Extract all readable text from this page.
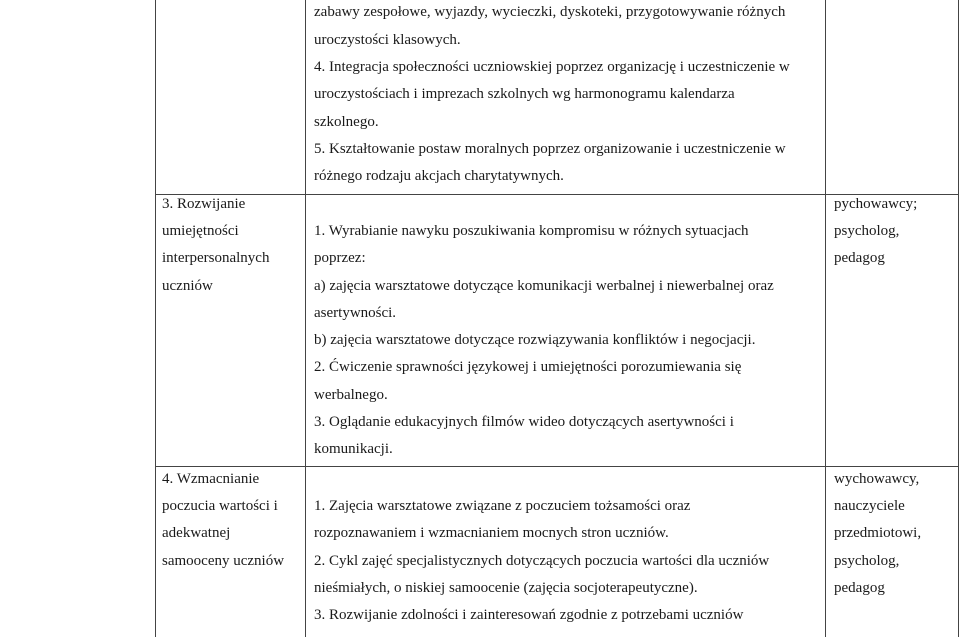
zabawy zespołowe, wyjazdy, wycieczki, dyskoteki, przygotowywanie różnych
uroczystości klasowych.
4. Integracja społeczności uczniowskiej poprzez organizację i uczestniczenie w
uroczystościach i imprezach szkolnych wg harmonogramu kalendarza
szkolnego.
5. Kształtowanie postaw moralnych poprzez organizowanie i uczestniczenie w
różnego rodzaju akcjach charytatywnych.
3. Rozwijanie
umiejętności
interpersonalnych
uczniów
1. Wyrabianie nawyku poszukiwania kompromisu w różnych sytuacjach
poprzez:
a) zajęcia warsztatowe dotyczące komunikacji werbalnej i niewerbalnej oraz
asertywności.
b) zajęcia warsztatowe dotyczące rozwiązywania konfliktów i negocjacji.
2. Ćwiczenie sprawności językowej i umiejętności porozumiewania się
werbalnego.
3. Oglądanie edukacyjnych filmów wideo dotyczących asertywności i
komunikacji.
pychowawcy;
psycholog,
pedagog
4. Wzmacnianie
poczucia wartości i
adekwatnej
samooceny uczniów
1. Zajęcia warsztatowe związane z poczuciem tożsamości oraz
rozpoznawaniem i wzmacnianiem mocnych stron uczniów.
2. Cykl zajęć specjalistycznych dotyczących poczucia wartości dla uczniów
nieśmiałych, o niskiej samoocenie (zajęcia socjoterapeutyczne).
3. Rozwijanie zdolności i zainteresowań zgodnie z potrzebami uczniów
wychowawcy,
nauczyciele
przedmiotowi,
psycholog,
pedagog
